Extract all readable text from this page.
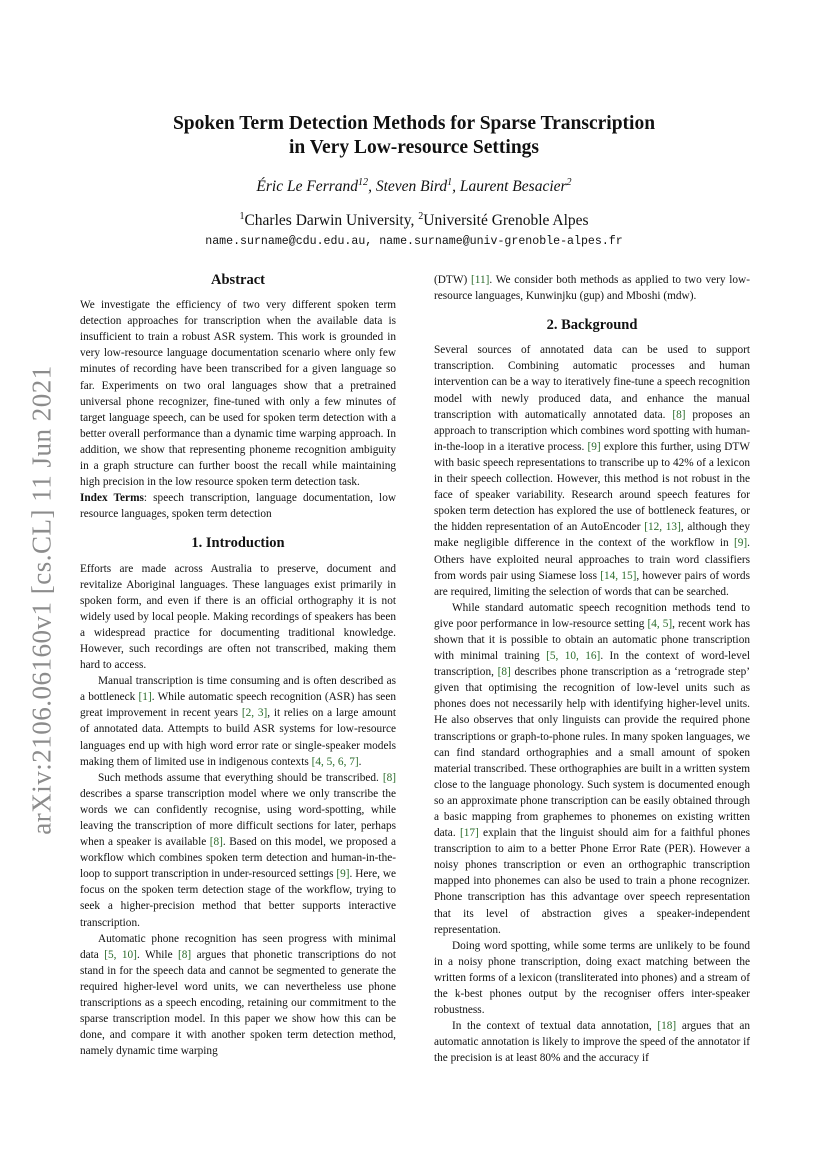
arXiv:2106.06160v1 [cs.CL] 11 Jun 2021
Spoken Term Detection Methods for Sparse Transcription
in Very Low-resource Settings
Éric Le Ferrand$^{12}$, Steven Bird$^1$, Laurent Besacier$^2$
$^1$Charles Darwin University, $^2$Université Grenoble Alpes
name.surname@cdu.edu.au, name.surname@univ-grenoble-alpes.fr
Abstract

We investigate the efficiency of two very different spoken term detection approaches for transcription when the available data is insufficient to train a robust ASR system. This work is grounded in very low-resource language documentation scenario where only few minutes of recording have been transcribed for a given language so far. Experiments on two oral languages show that a pretrained universal phone recognizer, fine-tuned with only a few minutes of target language speech, can be used for spoken term detection with a better overall performance than a dynamic time warping approach. In addition, we show that representing phoneme recognition ambiguity in a graph structure can further boost the recall while maintaining high precision in the low resource spoken term detection task.

Index Terms: speech transcription, language documentation, low resource languages, spoken term detection

1. Introduction

Efforts are made across Australia to preserve, document and revitalize Aboriginal languages. These languages exist primarily in spoken form, and even if there is an official orthography it is not widely used by local people. Making recordings of speakers has been a widespread practice for documenting traditional knowledge. However, such recordings are often not transcribed, making them hard to access.

Manual transcription is time consuming and is often described as a bottleneck [1]. While automatic speech recognition (ASR) has seen great improvement in recent years [2, 3], it relies on a large amount of annotated data. Attempts to build ASR systems for low-resource languages end up with high word error rate or single-speaker models making them of limited use in indigenous contexts [4, 5, 6, 7].

Such methods assume that everything should be transcribed. [8] describes a sparse transcription model where we only transcribe the words we can confidently recognise, using word-spotting, while leaving the transcription of more difficult sections for later, perhaps when a speaker is available [8]. Based on this model, we proposed a workflow which combines spoken term detection and human-in-the-loop to support transcription in under-resourced settings [9]. Here, we focus on the spoken term detection stage of the workflow, trying to seek a higher-precision method that better supports interactive transcription.

Automatic phone recognition has seen progress with minimal data [5, 10]. While [8] argues that phonetic transcriptions do not stand in for the speech data and cannot be segmented to generate the required higher-level word units, we can nevertheless use phone transcriptions as a speech encoding, retaining our commitment to the sparse transcription model. In this paper we show how this can be done, and compare it with another spoken term detection method, namely dynamic time warping

(DTW) [11]. We consider both methods as applied to two very low-resource languages, Kunwinjku (gup) and Mboshi (mdw).

2. Background

Several sources of annotated data can be used to support transcription. Combining automatic processes and human intervention can be a way to iteratively fine-tune a speech recognition model with newly produced data, and enhance the manual transcription with automatically annotated data. [8] proposes an approach to transcription which combines word spotting with human-in-the-loop in a iterative process. [9] explore this further, using DTW with basic speech representations to transcribe up to 42% of a lexicon in their speech collection. However, this method is not robust in the face of speaker variability. Research around speech features for spoken term detection has explored the use of bottleneck features, or the hidden representation of an AutoEncoder [12, 13], although they make negligible difference in the context of the workflow in [9]. Others have exploited neural approaches to train word classifiers from words pair using Siamese loss [14, 15], however pairs of words are required, limiting the selection of words that can be searched.

While standard automatic speech recognition methods tend to give poor performance in low-resource setting [4, 5], recent work has shown that it is possible to obtain an automatic phone transcription with minimal training [5, 10, 16]. In the context of word-level transcription, [8] describes phone transcription as a ‘retrograde step’ given that optimising the recognition of low-level units such as phones does not necessarily help with identifying higher-level units. He also observes that only linguists can provide the required phone transcriptions or graph-to-phone rules. In many spoken languages, we can find standard orthographies and a small amount of spoken material transcribed. These orthographies are built in a written system close to the language phonology. Such system is documented enough so an approximate phone transcription can be easily obtained through a basic mapping from graphemes to phonemes on existing written data. [17] explain that the linguist should aim for a faithful phones transcription to aim to a better Phone Error Rate (PER). However a noisy phones transcription or even an orthographic transcription mapped into phonemes can also be used to train a phone recognizer. Phone transcription has this advantage over speech representation that its level of abstraction gives a speaker-independent representation.

Doing word spotting, while some terms are unlikely to be found in a noisy phone transcription, doing exact matching between the written forms of a lexicon (transliterated into phones) and a stream of the k-best phones output by the recogniser offers inter-speaker robustness.

In the context of textual data annotation, [18] argues that an automatic annotation is likely to improve the speed of the annotator if the precision is at least 80% and the accuracy if
